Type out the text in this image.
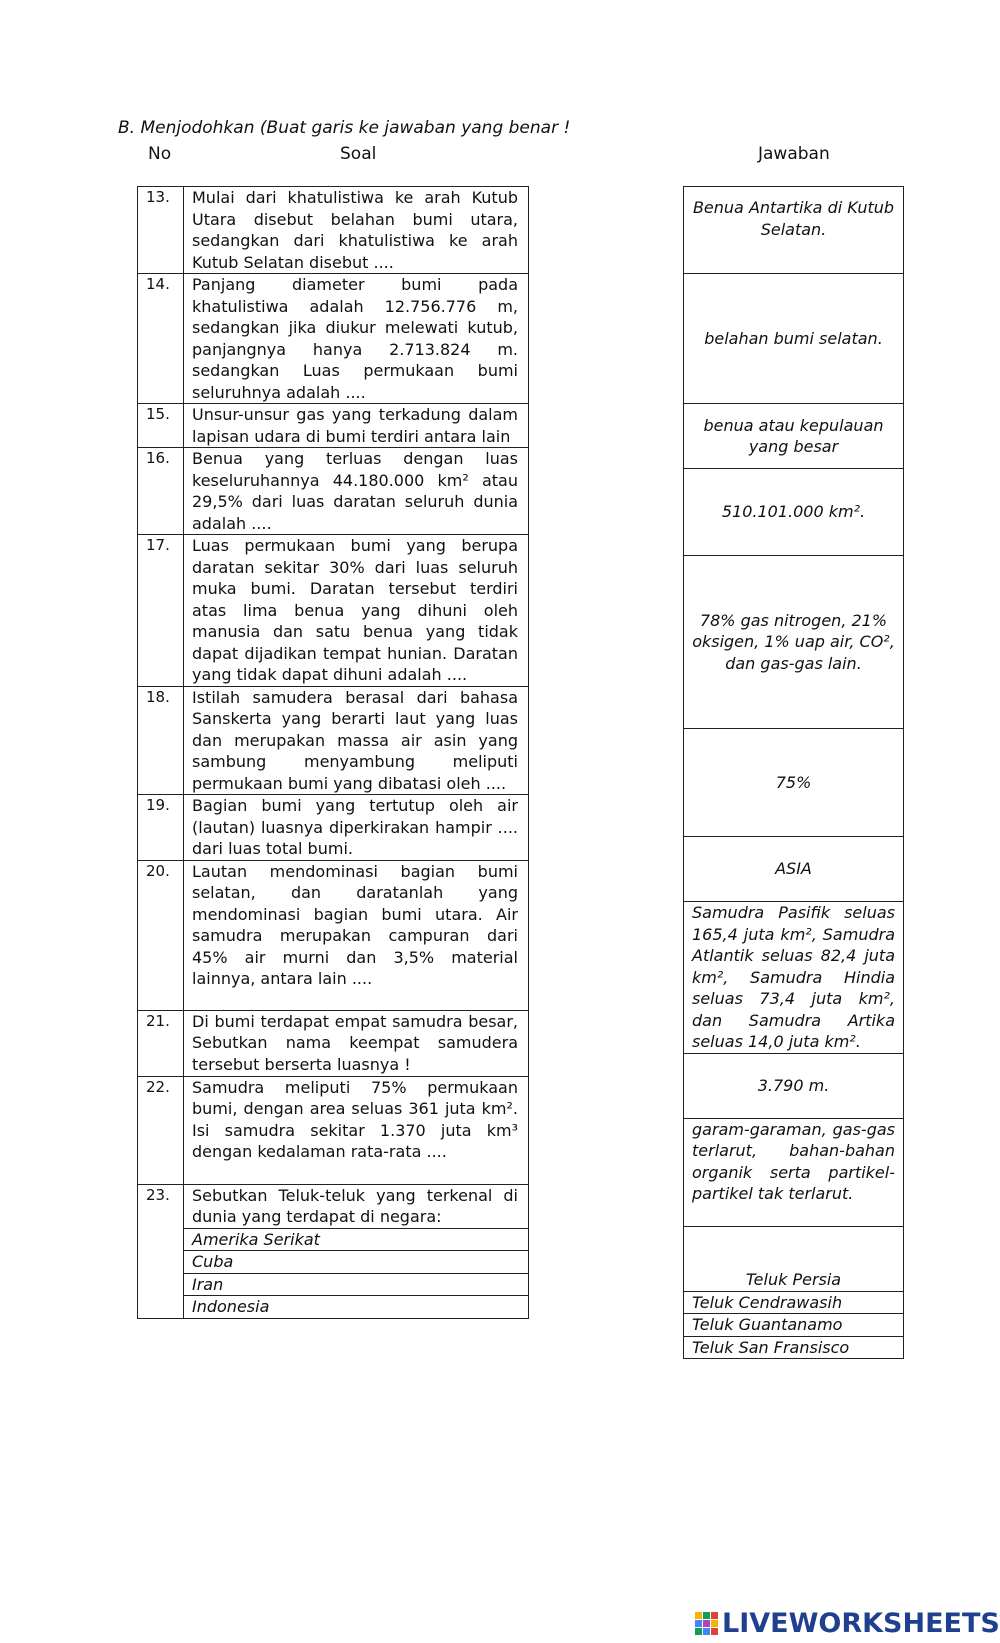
B. Menjodohkan (Buat garis ke jawaban yang benar !
No	Soal	Jawaban
13.	Mulai dari khatulistiwa ke arah Kutub Utara disebut belahan bumi utara, sedangkan dari khatulistiwa ke arah Kutub Selatan disebut ....
14.	Panjang diameter bumi pada khatulistiwa adalah 12.756.776 m, sedangkan jika diukur melewati kutub, panjangnya hanya 2.713.824 m. sedangkan Luas permukaan bumi seluruhnya adalah ....
15.	Unsur-unsur gas yang terkadung dalam lapisan udara di bumi terdiri antara lain
16.	Benua yang terluas dengan luas keseluruhannya 44.180.000 km² atau 29,5% dari luas daratan seluruh dunia adalah ....
17.	Luas permukaan bumi yang berupa daratan sekitar 30% dari luas seluruh muka bumi. Daratan tersebut terdiri atas lima benua yang dihuni oleh manusia dan satu benua yang tidak dapat dijadikan tempat hunian. Daratan yang tidak dapat dihuni adalah ....
18.	Istilah samudera berasal dari bahasa Sanskerta yang berarti laut yang luas dan merupakan massa air asin yang sambung menyambung meliputi permukaan bumi yang dibatasi oleh ....
19.	Bagian bumi yang tertutup oleh air (lautan) luasnya diperkirakan hampir .... dari luas total bumi.
20.	Lautan mendominasi bagian bumi selatan, dan daratanlah yang mendominasi bagian bumi utara. Air samudra merupakan campuran dari 45% air murni dan 3,5% material lainnya, antara lain ....
21.	Di bumi terdapat empat samudra besar, Sebutkan nama keempat samudera tersebut berserta luasnya !
22.	Samudra meliputi 75% permukaan bumi, dengan area seluas 361 juta km². Isi samudra sekitar 1.370 juta km³ dengan kedalaman rata-rata ....
23.	Sebutkan Teluk-teluk yang terkenal di dunia yang terdapat di negara:
	Amerika Serikat
	Cuba
	Iran
	Indonesia
Benua Antartika di Kutub Selatan.
belahan bumi selatan.
benua atau kepulauan yang besar
510.101.000 km².
78% gas nitrogen, 21% oksigen, 1% uap air, CO², dan gas-gas lain.
75%
ASIA
Samudra Pasifik seluas 165,4 juta km², Samudra Atlantik seluas 82,4 juta km², Samudra Hindia seluas 73,4 juta km², dan Samudra Artika seluas 14,0 juta km².
3.790 m.
garam-garaman, gas-gas terlarut, bahan-bahan organik serta partikel-partikel tak terlarut.
Teluk Persia
Teluk Cendrawasih
Teluk Guantanamo
Teluk San Fransisco
LIVEWORKSHEETS
